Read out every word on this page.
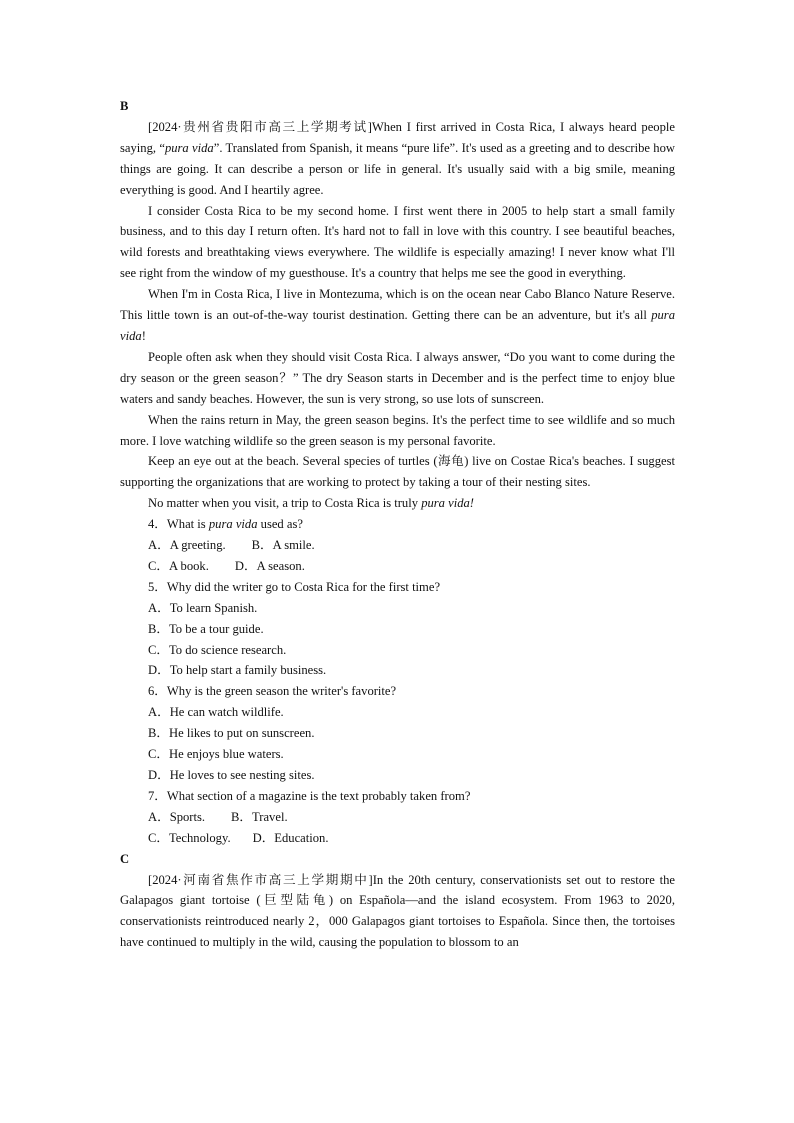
B

[2024·贵州省贵阳市高三上学期考试]When I first arrived in Costa Rica, I always heard people saying, “pura vida”. Translated from Spanish, it means “pure life”. It's used as a greeting and to describe how things are going. It can describe a person or life in general. It's usually said with a big smile, meaning everything is good. And I heartily agree.

I consider Costa Rica to be my second home. I first went there in 2005 to help start a small family business, and to this day I return often. It's hard not to fall in love with this country. I see beautiful beaches, wild forests and breathtaking views everywhere. The wildlife is especially amazing! I never know what I'll see right from the window of my guesthouse. It's a country that helps me see the good in everything.

When I'm in Costa Rica, I live in Montezuma, which is on the ocean near Cabo Blanco Nature Reserve. This little town is an out-of-the-way tourist destination. Getting there can be an adventure, but it's all pura vida!

People often ask when they should visit Costa Rica. I always answer, “Do you want to come during the dry season or the green season？” The dry Season starts in December and is the perfect time to enjoy blue waters and sandy beaches. However, the sun is very strong, so use lots of sunscreen.

When the rains return in May, the green season begins. It's the perfect time to see wildlife and so much more. I love watching wildlife so the green season is my personal favorite.

Keep an eye out at the beach. Several species of turtles (海龟) live on Costae Rica's beaches. I suggest supporting the organizations that are working to protect by taking a tour of their nesting sites.

No matter when you visit, a trip to Costa Rica is truly pura vida!

4．What is pura vida used as?

A．A greeting. B．A smile.

C．A book. D．A season.

5．Why did the writer go to Costa Rica for the first time?

A．To learn Spanish.

B．To be a tour guide.

C．To do science research.

D．To help start a family business.

6．Why is the green season the writer's favorite?

A．He can watch wildlife.

B．He likes to put on sunscreen.

C．He enjoys blue waters.

D．He loves to see nesting sites.

7．What section of a magazine is the text probably taken from?

A．Sports. B．Travel.

C．Technology. D．Education.

C

[2024·河南省焦作市高三上学期期中]In the 20th century, conservationists set out to restore the Galapagos giant tortoise (巨型陆龟) on Española—and the island ecosystem. From 1963 to 2020, conservationists reintroduced nearly 2，000 Galapagos giant tortoises to Española. Since then, the tortoises have continued to multiply in the wild, causing the population to blossom to an
